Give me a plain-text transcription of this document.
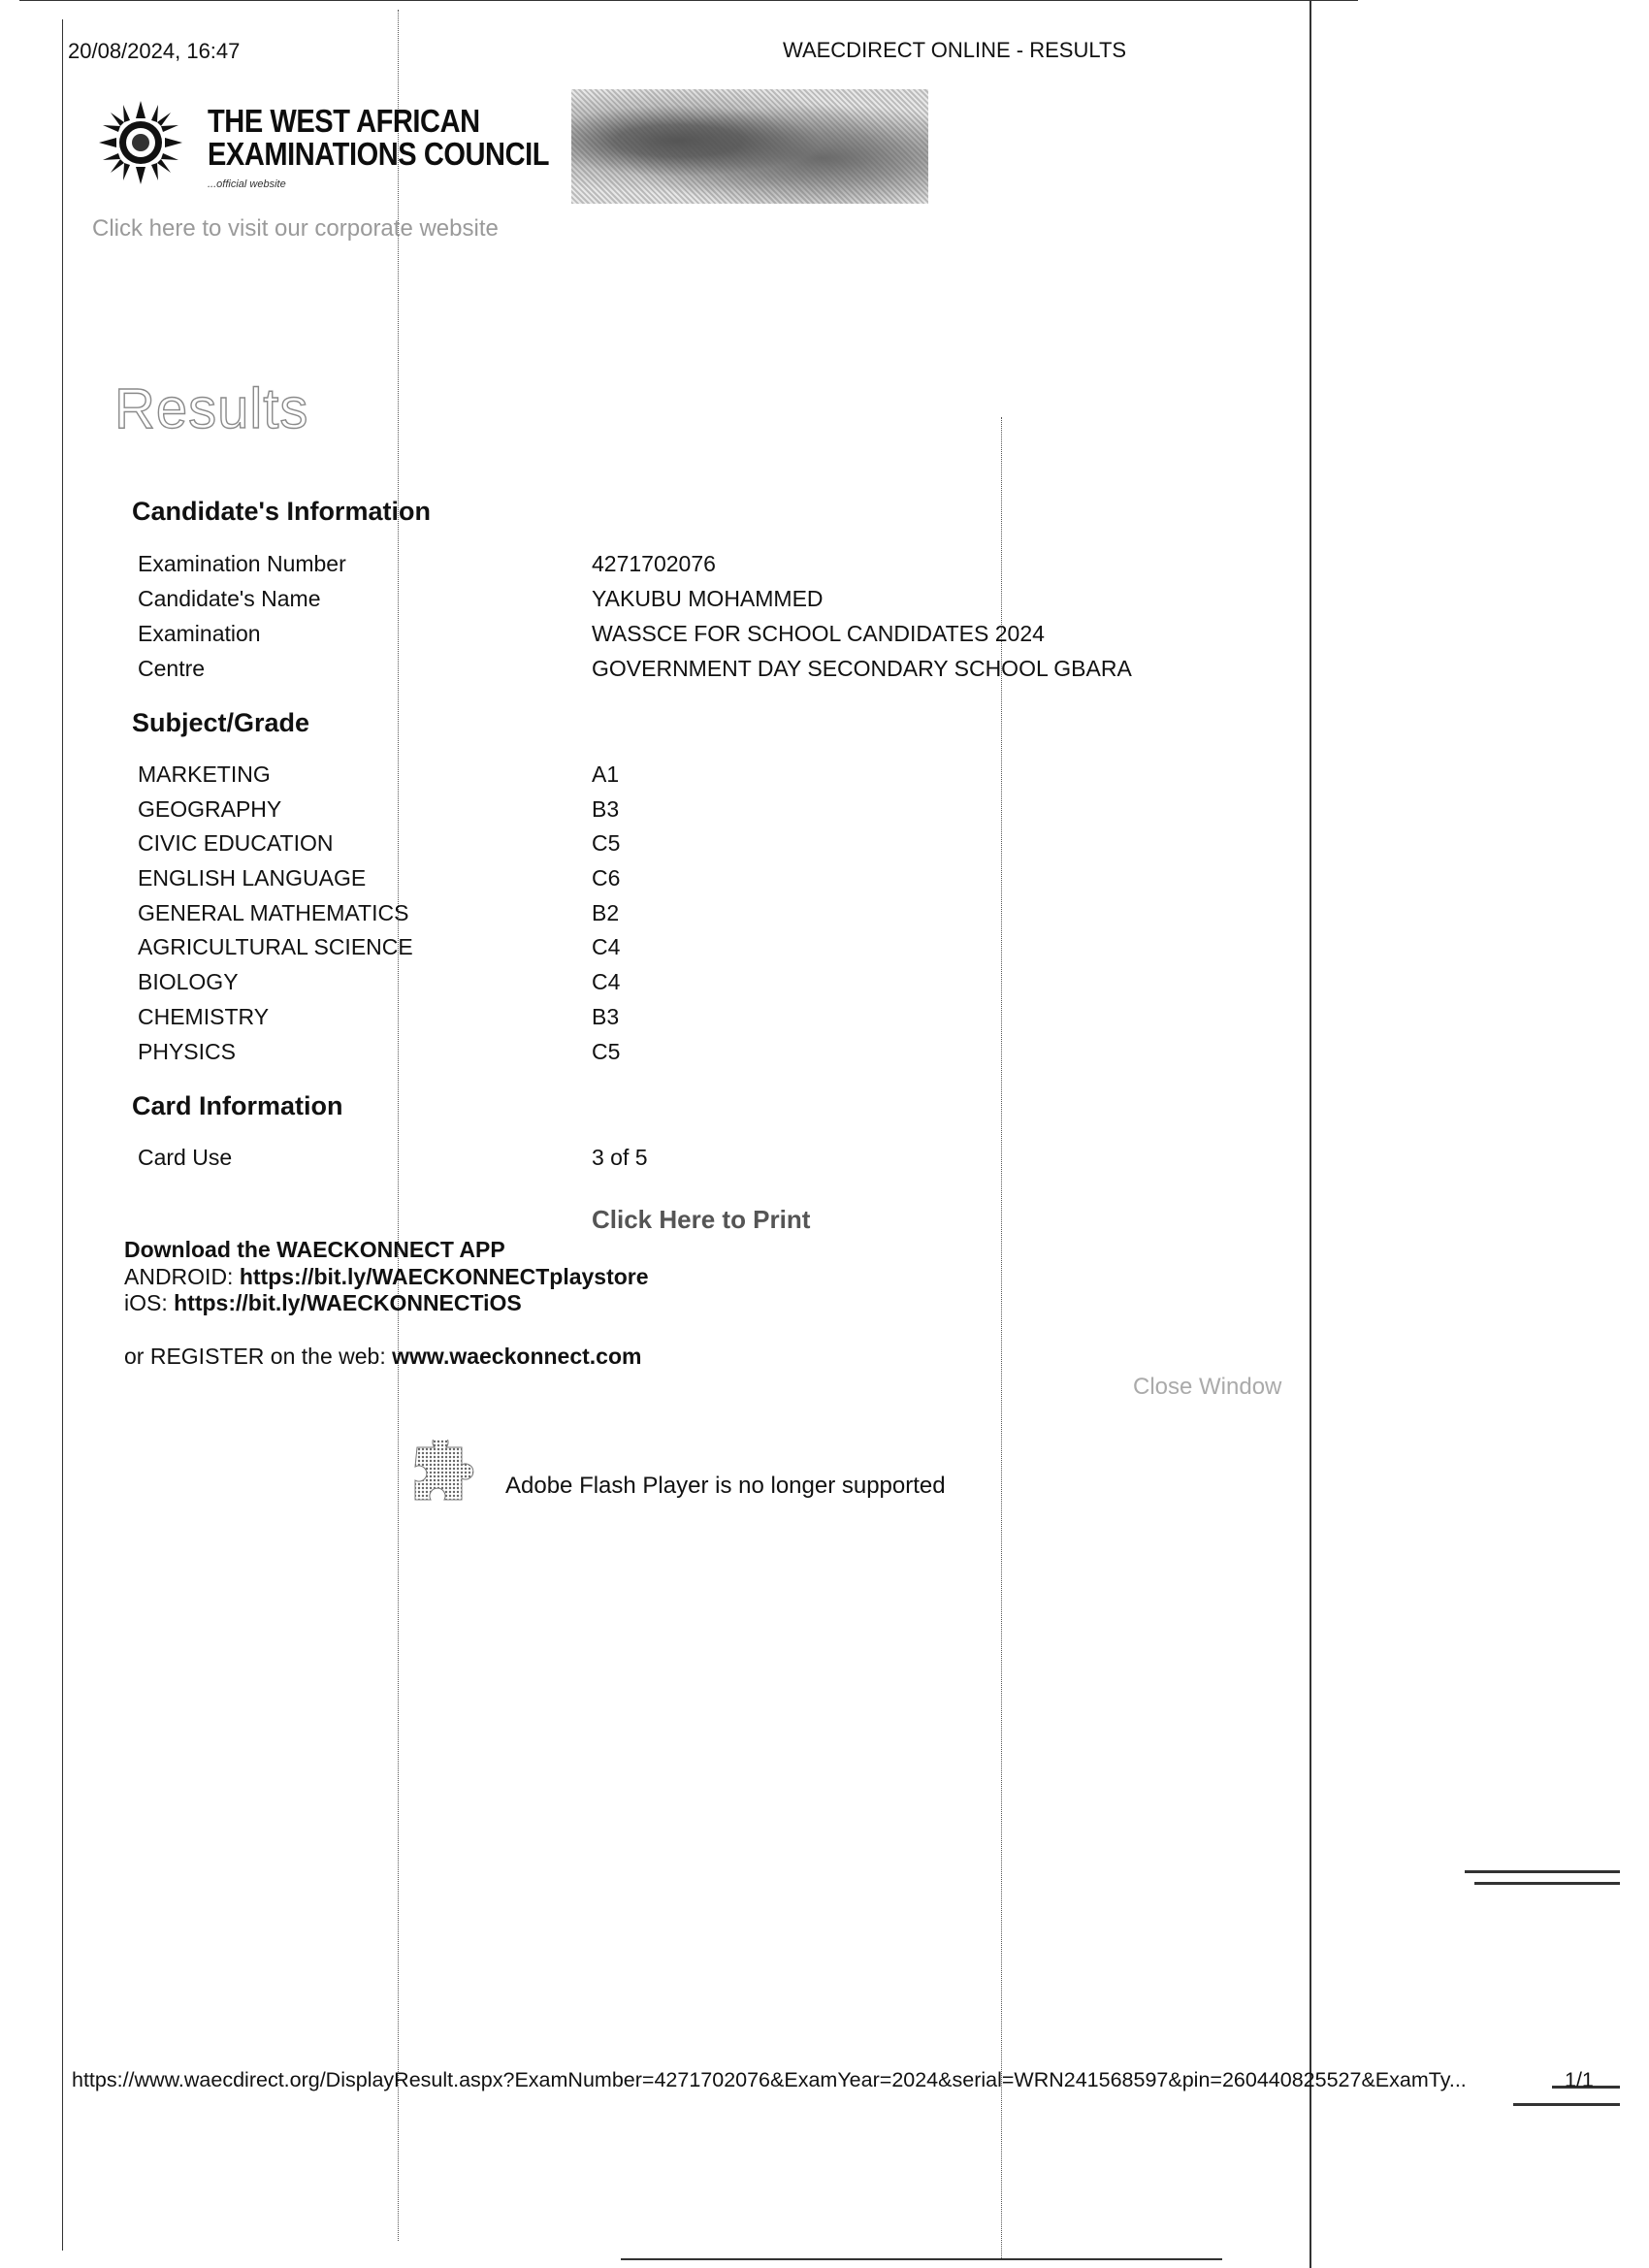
20/08/2024, 16:47	WAECDIRECT ONLINE - RESULTS
THE WEST AFRICAN
EXAMINATIONS COUNCIL
...official website
Click here to visit our corporate website
Results
Candidate's Information
Examination Number	4271702076
Candidate's Name	YAKUBU MOHAMMED
Examination	WASSCE FOR SCHOOL CANDIDATES 2024
Centre	GOVERNMENT DAY SECONDARY SCHOOL GBARA
Subject/Grade
MARKETING	A1
GEOGRAPHY	B3
CIVIC EDUCATION	C5
ENGLISH LANGUAGE	C6
GENERAL MATHEMATICS	B2
AGRICULTURAL SCIENCE	C4
BIOLOGY	C4
CHEMISTRY	B3
PHYSICS	C5
Card Information
Card Use	3 of 5
Click Here to Print
Download the WAECKONNECT APP
ANDROID: https://bit.ly/WAECKONNECTplaystore
iOS: https://bit.ly/WAECKONNECTiOS
or REGISTER on the web: www.waeckonnect.com
Close Window
Adobe Flash Player is no longer supported
https://www.waecdirect.org/DisplayResult.aspx?ExamNumber=4271702076&ExamYear=2024&serial=WRN241568597&pin=260440825527&ExamTy...	1/1
